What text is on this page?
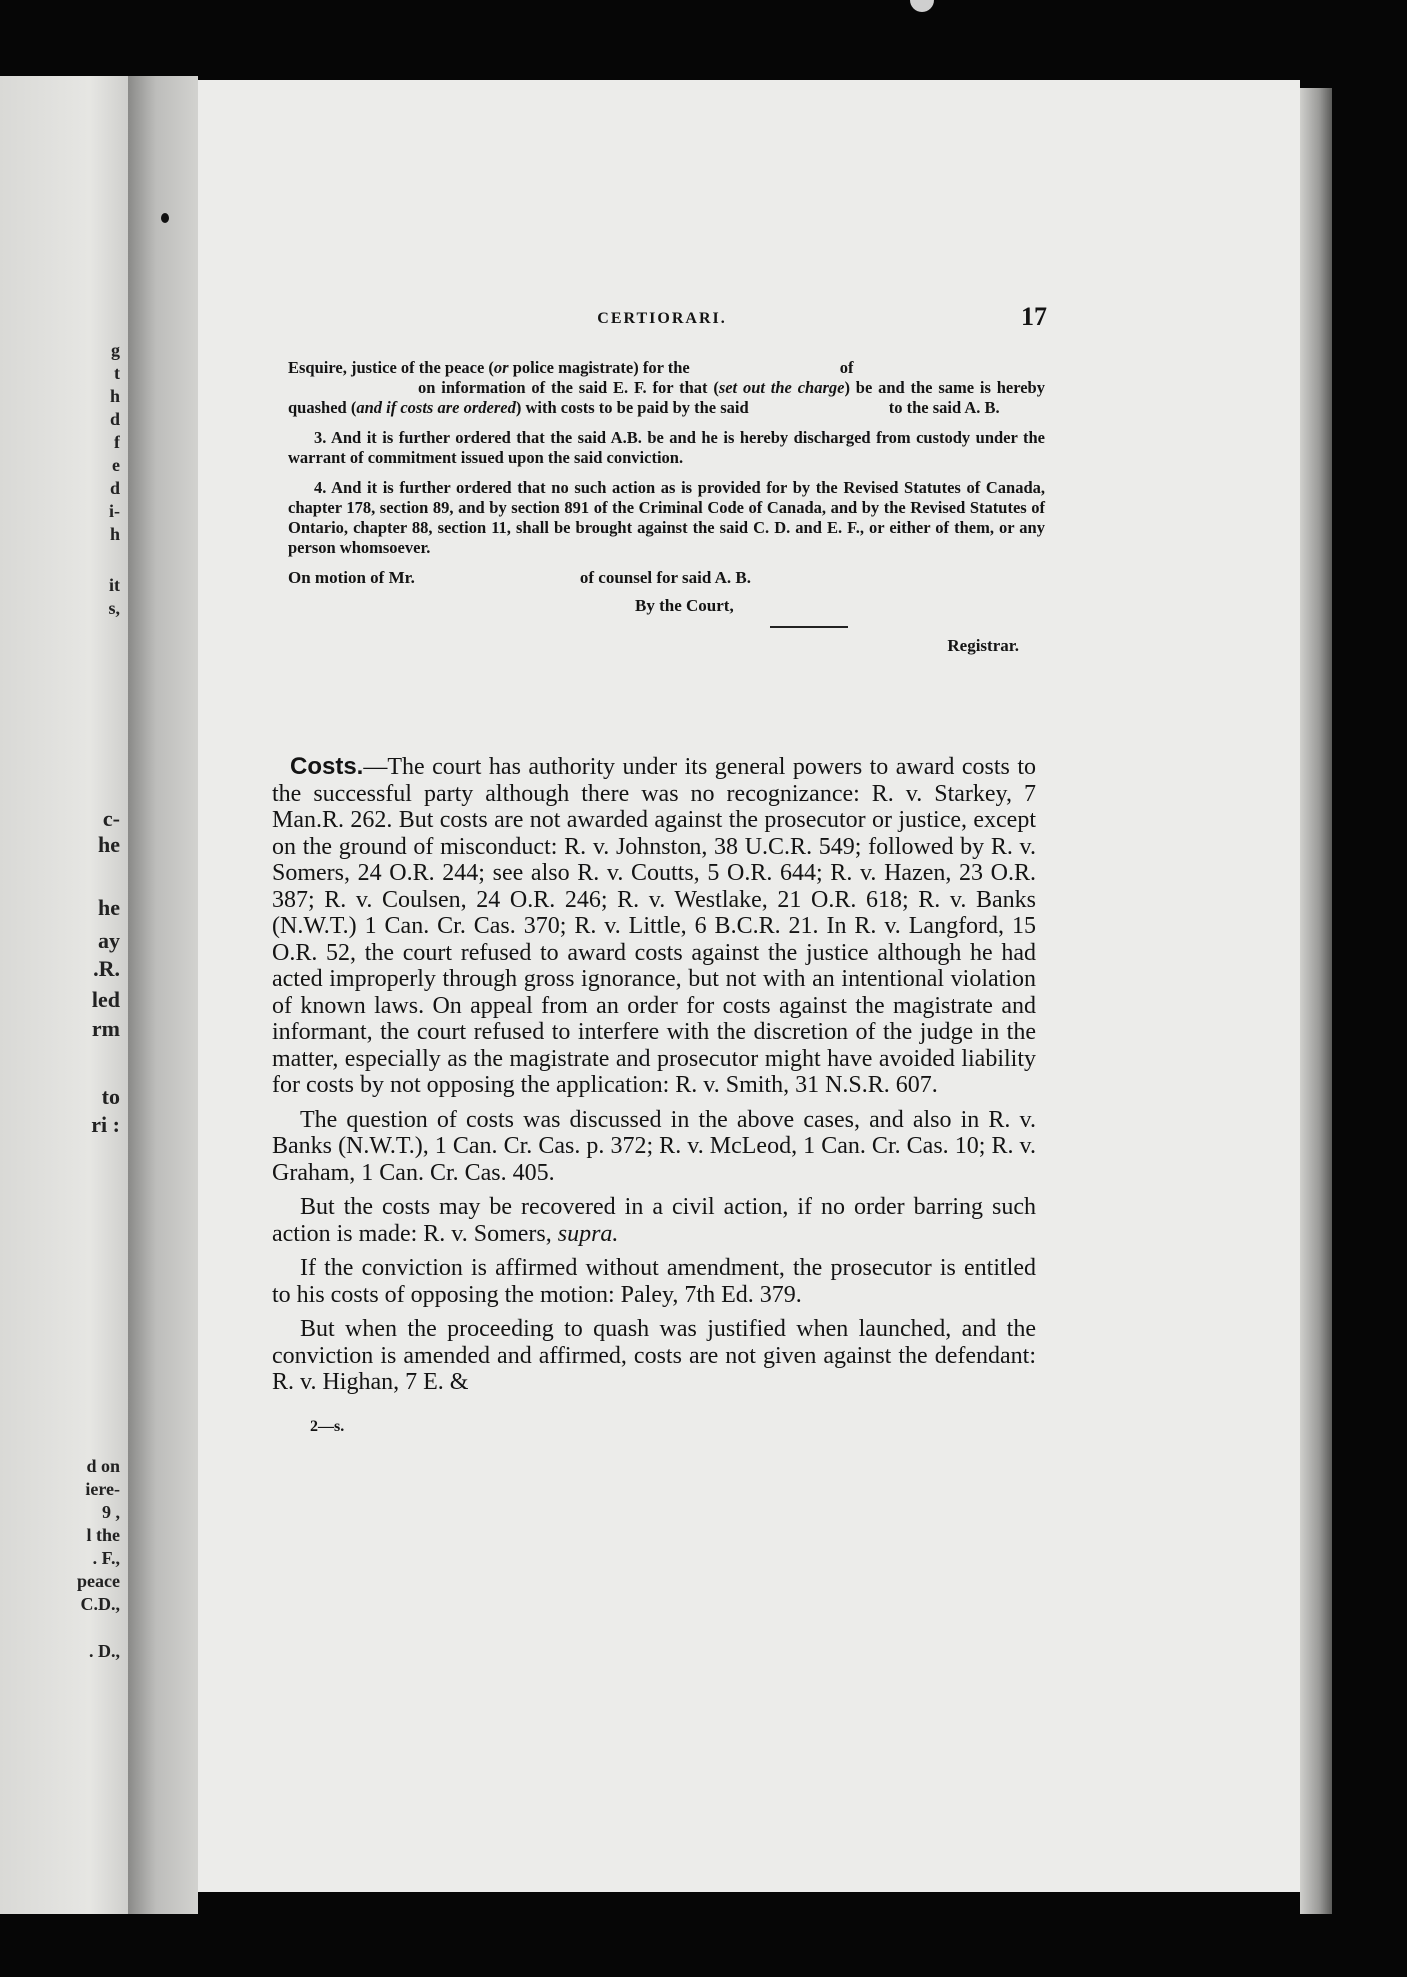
g
t
h
d
f
e
d
i-
h
it
s,
c-
he
he
ay
.R.
led
rm
to
ri :
d on
iere-
9 ,
l the
. F.,
peace
C.D.,
. D.,
CERTIORARI.	17

Esquire, justice of the peace (or police magistrate) for the	of
on information of the said E. F. for that (set out the charge) be and the same is hereby quashed (and if costs are ordered) with costs to be paid by the said	to the said A. B.

3. And it is further ordered that the said A.B. be and he is hereby discharged from custody under the warrant of commitment issued upon the said conviction.

4. And it is further ordered that no such action as is provided for by the Revised Statutes of Canada, chapter 178, section 89, and by section 891 of the Criminal Code of Canada, and by the Revised Statutes of Ontario, chapter 88, section 11, shall be brought against the said C. D. and E. F., or either of them, or any person whomsoever.

On motion of Mr.	of counsel for said A. B.
By the Court,
Registrar.

Costs.—The court has authority under its general powers to award costs to the successful party although there was no recognizance: R. v. Starkey, 7 Man.R. 262. But costs are not awarded against the prosecutor or justice, except on the ground of misconduct: R. v. Johnston, 38 U.C.R. 549; followed by R. v. Somers, 24 O.R. 244; see also R. v. Coutts, 5 O.R. 644; R. v. Hazen, 23 O.R. 387; R. v. Coulsen, 24 O.R. 246; R. v. Westlake, 21 O.R. 618; R. v. Banks (N.W.T.) 1 Can. Cr. Cas. 370; R. v. Little, 6 B.C.R. 21. In R. v. Langford, 15 O.R. 52, the court refused to award costs against the justice although he had acted improperly through gross ignorance, but not with an intentional violation of known laws. On appeal from an order for costs against the magistrate and informant, the court refused to interfere with the discretion of the judge in the matter, especially as the magistrate and prosecutor might have avoided liability for costs by not opposing the application: R. v. Smith, 31 N.S.R. 607.

The question of costs was discussed in the above cases, and also in R. v. Banks (N.W.T.), 1 Can. Cr. Cas. p. 372; R. v. McLeod, 1 Can. Cr. Cas. 10; R. v. Graham, 1 Can. Cr. Cas. 405.

But the costs may be recovered in a civil action, if no order barring such action is made: R. v. Somers, supra.

If the conviction is affirmed without amendment, the prosecutor is entitled to his costs of opposing the motion: Paley, 7th Ed. 379.

But when the proceeding to quash was justified when launched, and the conviction is amended and affirmed, costs are not given against the defendant: R. v. Highan, 7 E. &

2—s.
